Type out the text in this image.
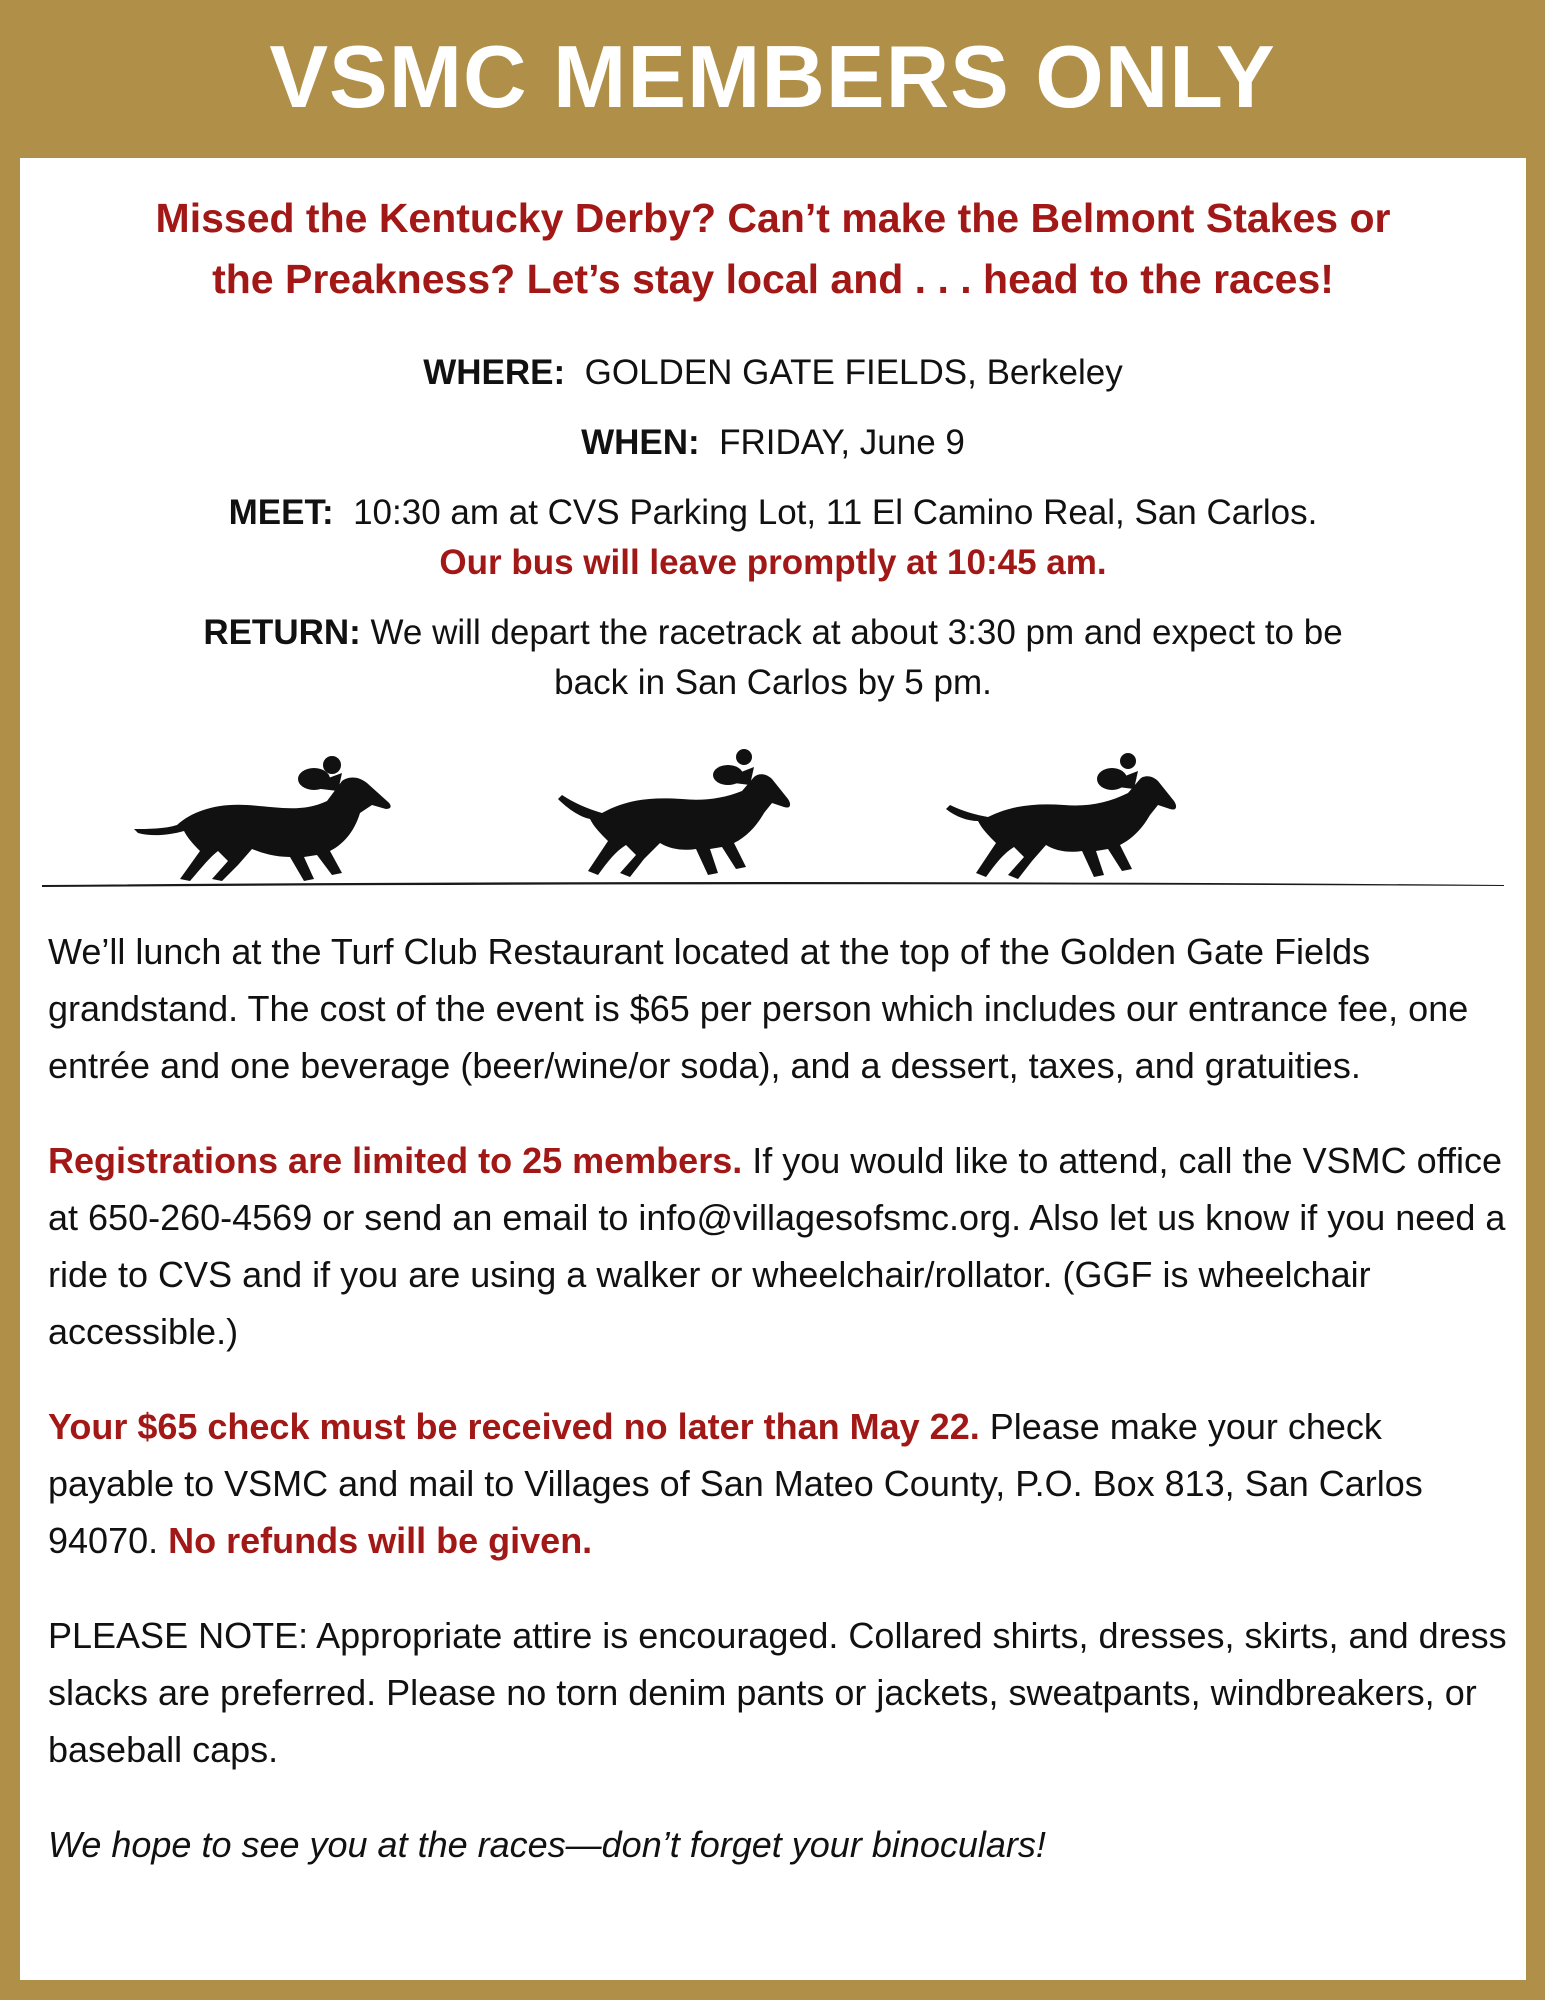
VSMC MEMBERS ONLY
Missed the Kentucky Derby? Can’t make the Belmont Stakes or
the Preakness? Let’s stay local and . . . head to the races!

WHERE: GOLDEN GATE FIELDS, Berkeley

WHEN: FRIDAY, June 9

MEET: 10:30 am at CVS Parking Lot, 11 El Camino Real, San Carlos.
Our bus will leave promptly at 10:45 am.

RETURN: We will depart the racetrack at about 3:30 pm and expect to be
back in San Carlos by 5 pm.

We’ll lunch at the Turf Club Restaurant located at the top of the Golden Gate Fields grandstand. The cost of the event is $65 per person which includes our entrance fee, one entrée and one beverage (beer/wine/or soda), and a dessert, taxes, and gratuities.

Registrations are limited to 25 members. If you would like to attend, call the VSMC office at 650-260-4569 or send an email to info@villagesofsmc.org. Also let us know if you need a ride to CVS and if you are using a walker or wheelchair/rollator. (GGF is wheelchair accessible.)

Your $65 check must be received no later than May 22. Please make your check payable to VSMC and mail to Villages of San Mateo County, P.O. Box 813, San Carlos 94070. No refunds will be given.

PLEASE NOTE: Appropriate attire is encouraged. Collared shirts, dresses, skirts, and dress slacks are preferred. Please no torn denim pants or jackets, sweatpants, windbreakers, or baseball caps.

We hope to see you at the races—don’t forget your binoculars!
